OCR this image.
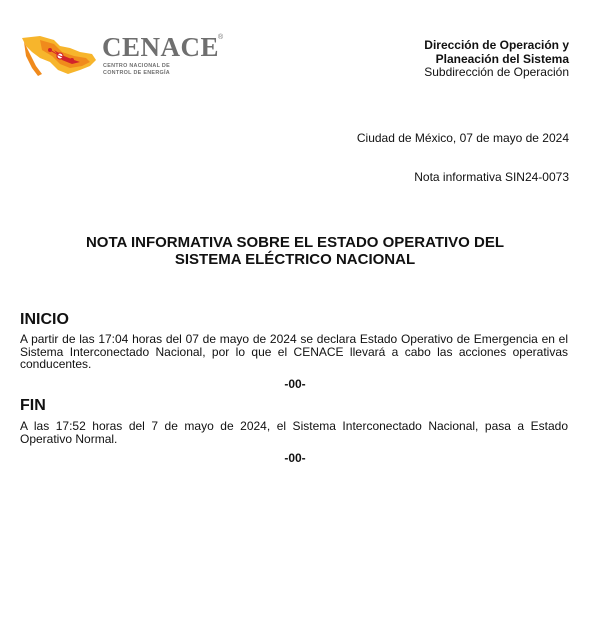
CENACE
®
CENTRO NACIONAL DE
CONTROL DE ENERGÍA
Dirección de Operación y
Planeación del Sistema
Subdirección de Operación
Ciudad de México, 07 de mayo de 2024
Nota informativa SIN24-0073
NOTA INFORMATIVA SOBRE EL ESTADO OPERATIVO DEL
SISTEMA ELÉCTRICO NACIONAL
INICIO
A partir de las 17:04 horas del 07 de mayo de 2024 se declara Estado Operativo de Emergencia en el Sistema Interconectado Nacional, por lo que el CENACE llevará a cabo las acciones operativas conducentes.
-00-
FIN
A las 17:52 horas del 7 de mayo de 2024, el Sistema Interconectado Nacional, pasa a Estado Operativo Normal.
-00-
